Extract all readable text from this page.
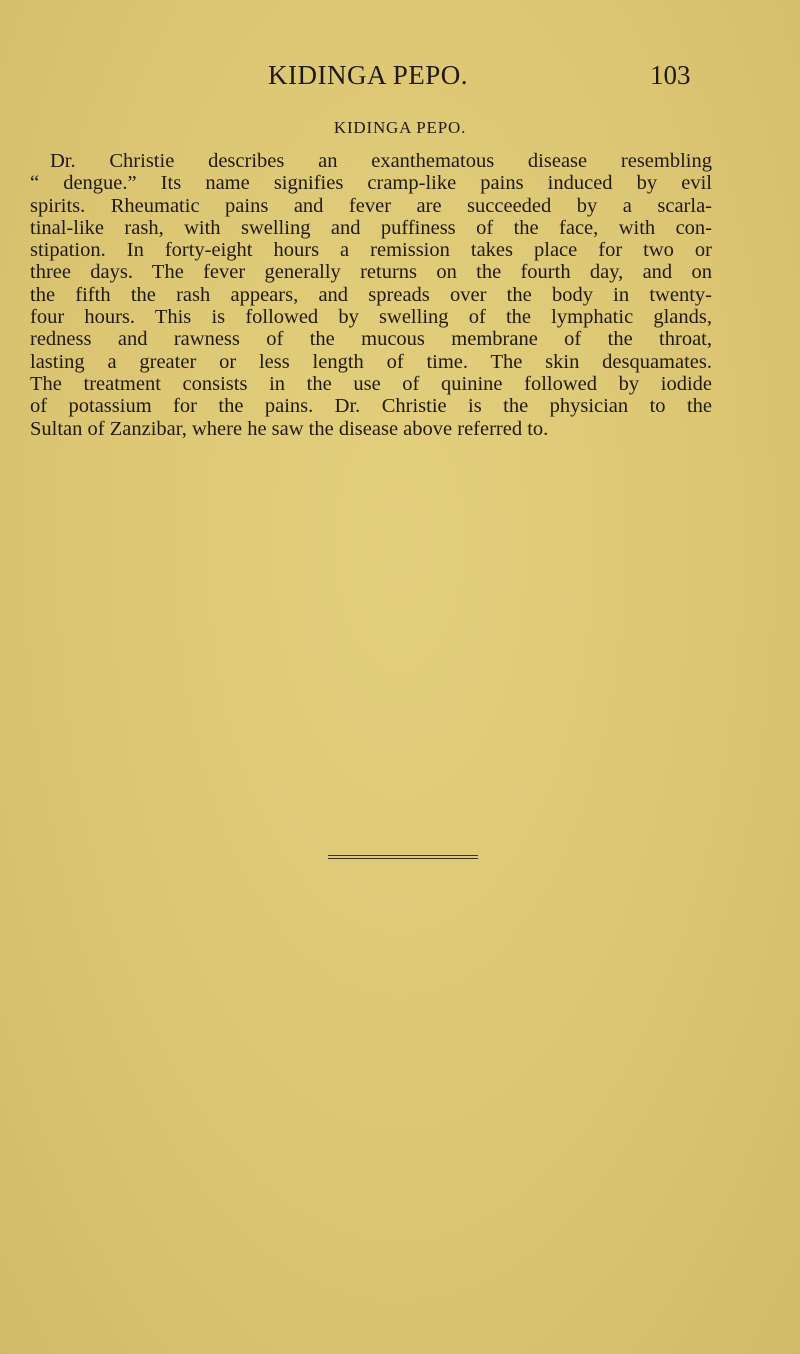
KIDINGA PEPO.	103
KIDINGA PEPO.
Dr. Christie describes an exanthematous disease resembling
“ dengue.” Its name signifies cramp-like pains induced by evil
spirits. Rheumatic pains and fever are succeeded by a scarla-
tinal-like rash, with swelling and puffiness of the face, with con-
stipation. In forty-eight hours a remission takes place for two or
three days. The fever generally returns on the fourth day, and on
the fifth the rash appears, and spreads over the body in twenty-
four hours. This is followed by swelling of the lymphatic glands,
redness and rawness of the mucous membrane of the throat,
lasting a greater or less length of time. The skin desquamates.
The treatment consists in the use of quinine followed by iodide
of potassium for the pains. Dr. Christie is the physician to the
Sultan of Zanzibar, where he saw the disease above referred to.
